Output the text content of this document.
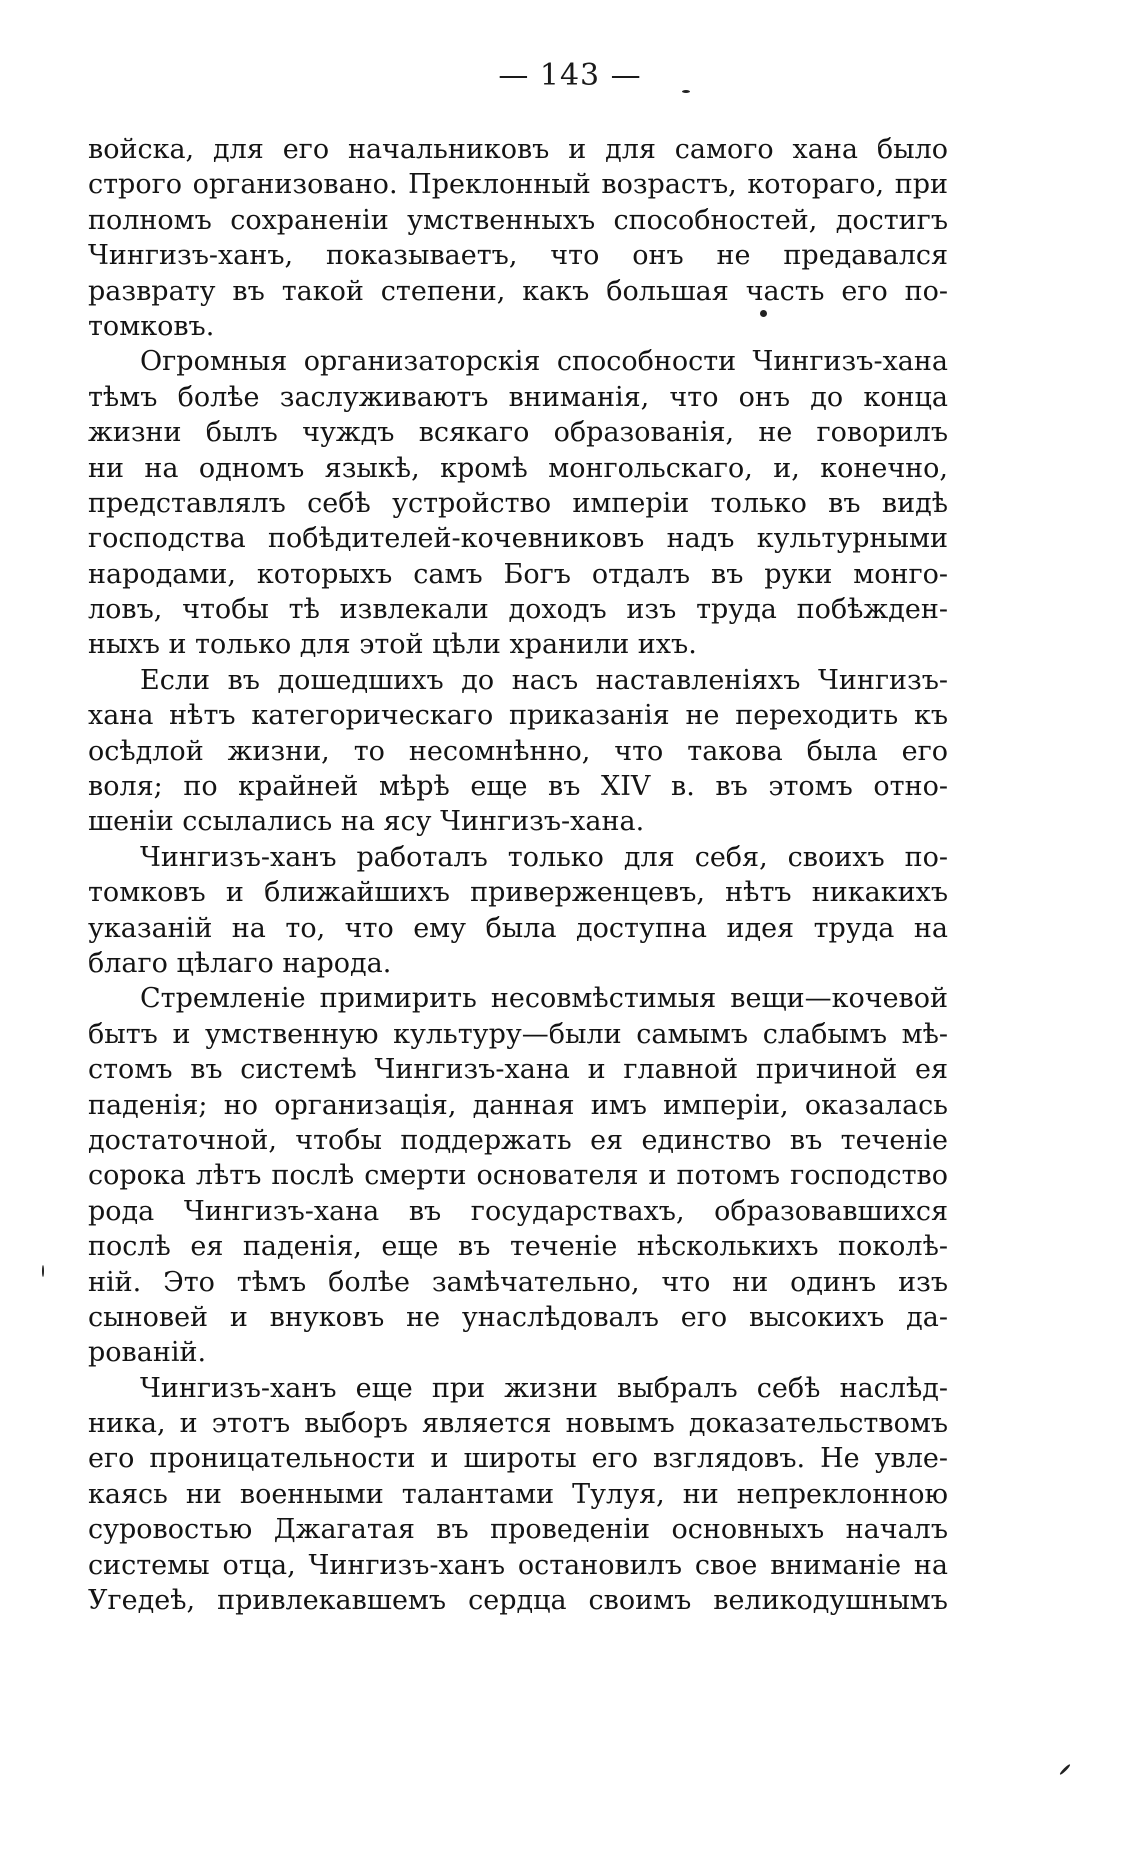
— 143 —
войска, для его начальниковъ и для самого хана было
строго организовано. Преклонный возрастъ, котораго, при
полномъ сохраненіи умственныхъ способностей, достигъ
Чингизъ-ханъ, показываетъ, что онъ не предавался
разврату въ такой степени, какъ большая часть его по-
томковъ.
Огромныя организаторскія способности Чингизъ-хана
тѣмъ болѣе заслуживаютъ вниманія, что онъ до конца
жизни былъ чуждъ всякаго образованія, не говорилъ
ни на одномъ языкѣ, кромѣ монгольскаго, и, конечно,
представлялъ себѣ устройство имперіи только въ видѣ
господства побѣдителей-кочевниковъ надъ культурными
народами, которыхъ самъ Богъ отдалъ въ руки монго-
ловъ, чтобы тѣ извлекали доходъ изъ труда побѣжден-
ныхъ и только для этой цѣли хранили ихъ.
Если въ дошедшихъ до насъ наставленіяхъ Чингизъ-
хана нѣтъ категорическаго приказанія не переходить къ
осѣдлой жизни, то несомнѣнно, что такова была его
воля; по крайней мѣрѣ еще въ XIV в. въ этомъ отно-
шеніи ссылались на ясу Чингизъ-хана.
Чингизъ-ханъ работалъ только для себя, своихъ по-
томковъ и ближайшихъ приверженцевъ, нѣтъ никакихъ
указаній на то, что ему была доступна идея труда на
благо цѣлаго народа.
Стремленіе примирить несовмѣстимыя вещи—кочевой
бытъ и умственную культуру—были самымъ слабымъ мѣ-
стомъ въ системѣ Чингизъ-хана и главной причиной ея
паденія; но организація, данная имъ имперіи, оказалась
достаточной, чтобы поддержать ея единство въ теченіе
сорока лѣтъ послѣ смерти основателя и потомъ господство
рода Чингизъ-хана въ государствахъ, образовавшихся
послѣ ея паденія, еще въ теченіе нѣсколькихъ поколѣ-
ній. Это тѣмъ болѣе замѣчательно, что ни одинъ изъ
сыновей и внуковъ не унаслѣдовалъ его высокихъ да-
рованій.
Чингизъ-ханъ еще при жизни выбралъ себѣ наслѣд-
ника, и этотъ выборъ является новымъ доказательствомъ
его проницательности и широты его взглядовъ. Не увле-
каясь ни военными талантами Тулуя, ни непреклонною
суровостью Джагатая въ проведеніи основныхъ началъ
системы отца, Чингизъ-ханъ остановилъ свое вниманіе на
Угедеѣ, привлекавшемъ сердца своимъ великодушнымъ
